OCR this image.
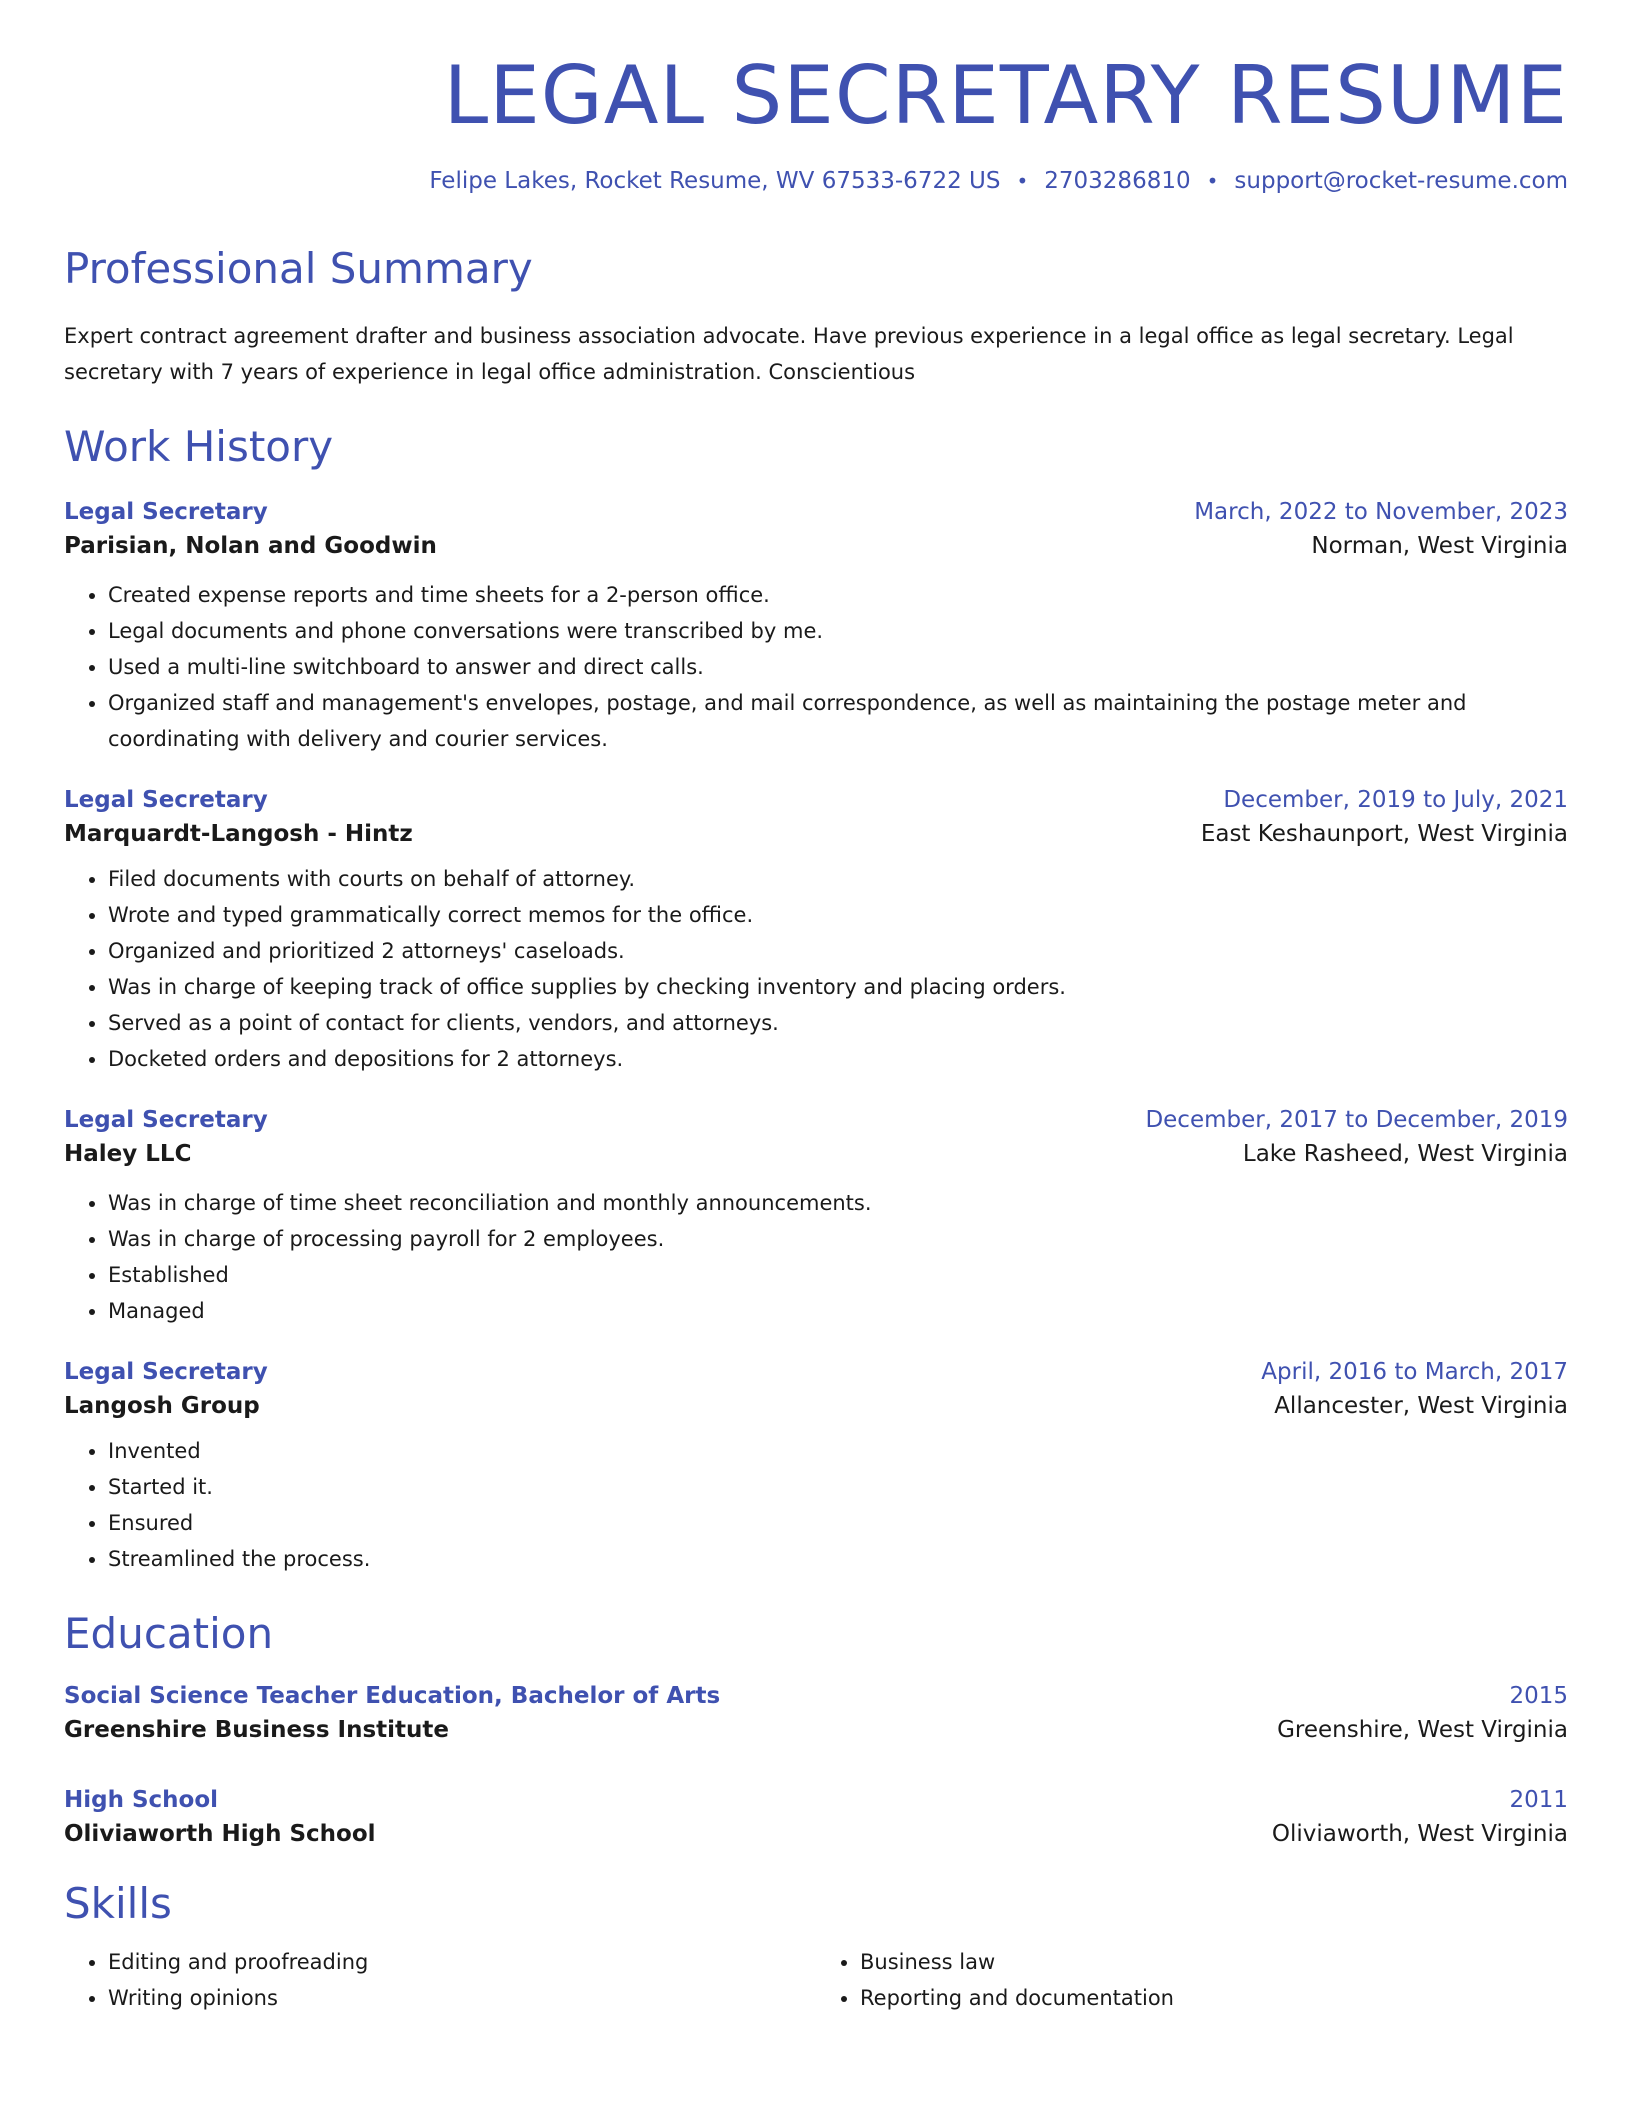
LEGAL SECRETARY RESUME
Felipe Lakes, Rocket Resume, WV 67533-6722 US • 2703286810 • support@rocket-resume.com
Professional Summary
Expert contract agreement drafter and business association advocate. Have previous experience in a legal office as legal secretary. Legal secretary with 7 years of experience in legal office administration. Conscientious
Work History
Legal Secretary	March, 2022 to November, 2023
Parisian, Nolan and Goodwin	Norman, West Virginia
• Created expense reports and time sheets for a 2-person office.
• Legal documents and phone conversations were transcribed by me.
• Used a multi-line switchboard to answer and direct calls.
• Organized staff and management's envelopes, postage, and mail correspondence, as well as maintaining the postage meter and coordinating with delivery and courier services.
Legal Secretary	December, 2019 to July, 2021
Marquardt-Langosh - Hintz	East Keshaunport, West Virginia
• Filed documents with courts on behalf of attorney.
• Wrote and typed grammatically correct memos for the office.
• Organized and prioritized 2 attorneys' caseloads.
• Was in charge of keeping track of office supplies by checking inventory and placing orders.
• Served as a point of contact for clients, vendors, and attorneys.
• Docketed orders and depositions for 2 attorneys.
Legal Secretary	December, 2017 to December, 2019
Haley LLC	Lake Rasheed, West Virginia
• Was in charge of time sheet reconciliation and monthly announcements.
• Was in charge of processing payroll for 2 employees.
• Established
• Managed
Legal Secretary	April, 2016 to March, 2017
Langosh Group	Allancester, West Virginia
• Invented
• Started it.
• Ensured
• Streamlined the process.
Education
Social Science Teacher Education, Bachelor of Arts	2015
Greenshire Business Institute	Greenshire, West Virginia
High School	2011
Oliviaworth High School	Oliviaworth, West Virginia
Skills
• Editing and proofreading
• Writing opinions
• Business law
• Reporting and documentation
